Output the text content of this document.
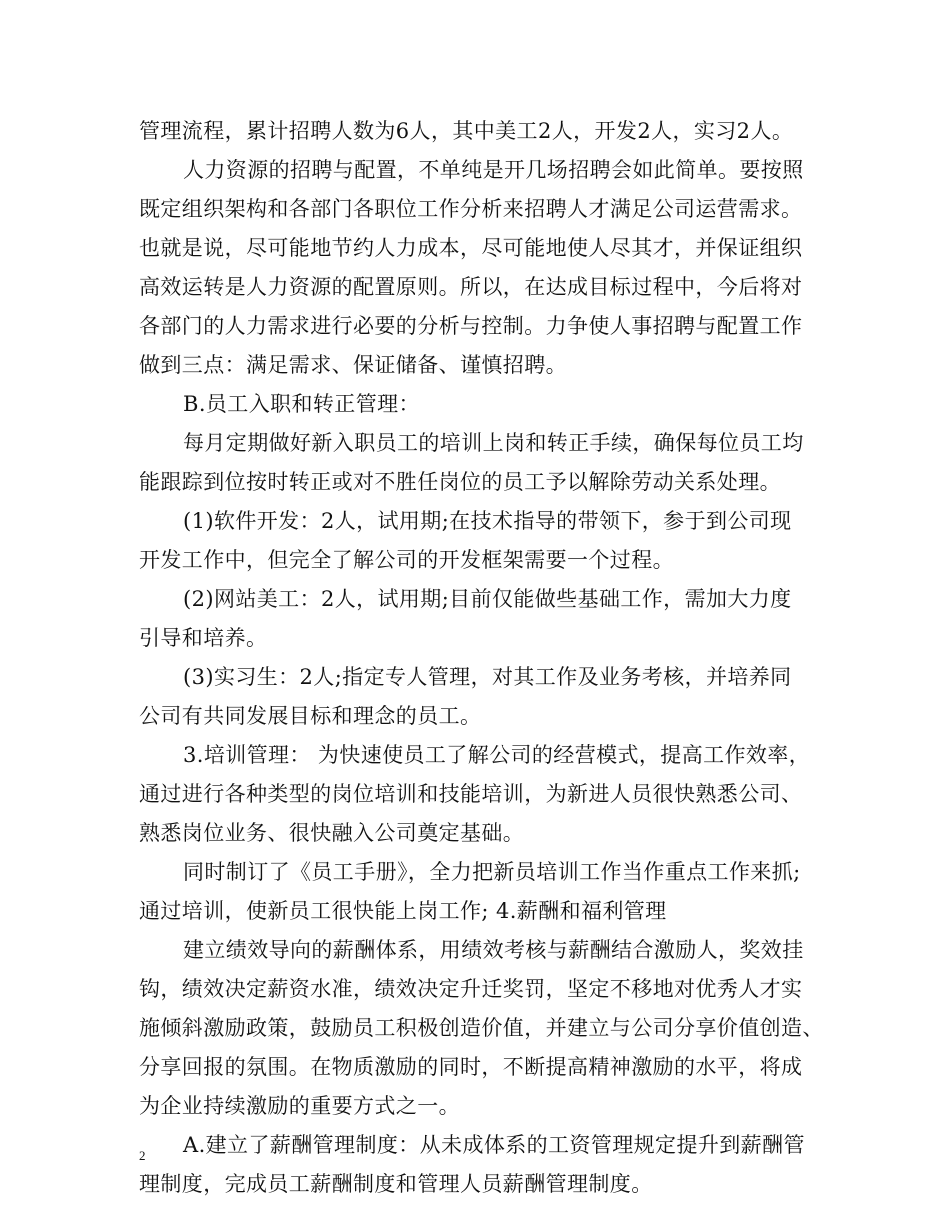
管理流程，累计招聘人数为6人，其中美工2人，开发2人，实习2人。
人力资源的招聘与配置，不单纯是开几场招聘会如此简单。要按照
既定组织架构和各部门各职位工作分析来招聘人才满足公司运营需求。
也就是说，尽可能地节约人力成本，尽可能地使人尽其才，并保证组织
高效运转是人力资源的配置原则。所以，在达成目标过程中，今后将对
各部门的人力需求进行必要的分析与控制。力争使人事招聘与配置工作
做到三点：满足需求、保证储备、谨慎招聘。
B.员工入职和转正管理：
每月定期做好新入职员工的培训上岗和转正手续，确保每位员工均
能跟踪到位按时转正或对不胜任岗位的员工予以解除劳动关系处理。
(1)软件开发：2人，试用期;在技术指导的带领下，参于到公司现
开发工作中，但完全了解公司的开发框架需要一个过程。
(2)网站美工：2人，试用期;目前仅能做些基础工作，需加大力度
引导和培养。
(3)实习生：2人;指定专人管理，对其工作及业务考核，并培养同
公司有共同发展目标和理念的员工。
3.培训管理： 为快速使员工了解公司的经营模式，提高工作效率，
通过进行各种类型的岗位培训和技能培训，为新进人员很快熟悉公司、
熟悉岗位业务、很快融入公司奠定基础。
同时制订了《员工手册》，全力把新员培训工作当作重点工作来抓;
通过培训，使新员工很快能上岗工作; 4.薪酬和福利管理
建立绩效导向的薪酬体系，用绩效考核与薪酬结合激励人，奖效挂
钩，绩效决定薪资水准，绩效决定升迁奖罚，坚定不移地对优秀人才实
施倾斜激励政策，鼓励员工积极创造价值，并建立与公司分享价值创造、
分享回报的氛围。在物质激励的同时，不断提高精神激励的水平，将成
为企业持续激励的重要方式之一。
A.建立了薪酬管理制度：从未成体系的工资管理规定提升到薪酬管
理制度，完成员工薪酬制度和管理人员薪酬管理制度。
2
